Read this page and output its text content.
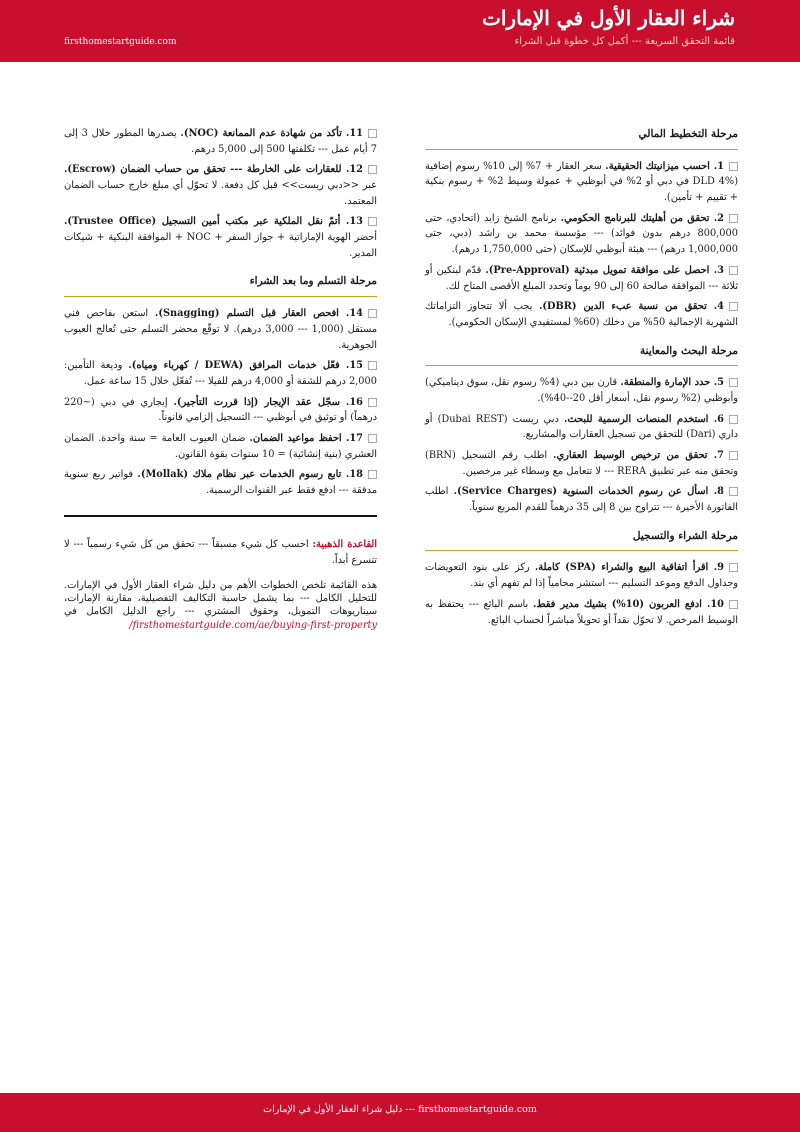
شراء العقار الأول في الإمارات
قائمة التحقق السريعة --- أكمل كل خطوة قبل الشراء
firsthomestartguide.com
مرحلة التخطيط المالي
1. احسب ميزانيتك الحقيقية. سعر العقار + 7% إلى 10% رسوم إضافية (DLD 4% في دبي أو 2% في أبوظبي + عمولة وسيط 2% + رسوم بنكية + تقييم + تأمين).
2. تحقق من أهليتك للبرنامج الحكومي. برنامج الشيخ زايد (اتحادي، حتى 800,000 درهم بدون فوائد) --- مؤسسة محمد بن راشد (دبي، حتى 1,000,000 درهم) --- هيئة أبوظبي للإسكان (حتى 1,750,000 درهم).
3. احصل على موافقة تمويل مبدئية (Pre-Approval). قدّم لبنكين أو ثلاثة --- الموافقة صالحة 60 إلى 90 يوماً وتحدد المبلغ الأقصى المتاح لك.
4. تحقق من نسبة عبء الدين (DBR). يجب ألا تتجاوز التزاماتك الشهرية الإجمالية 50% من دخلك (60% لمستفيدي الإسكان الحكومي).
مرحلة البحث والمعاينة
5. حدد الإمارة والمنطقة. قارن بين دبي (4% رسوم نقل، سوق ديناميكي) وأبوظبي (2% رسوم نقل، أسعار أقل 20--40%).
6. استخدم المنصات الرسمية للبحث. دبي ريست (Dubai REST) أو داري (Dari) للتحقق من تسجيل العقارات والمشاريع.
7. تحقق من ترخيص الوسيط العقاري. اطلب رقم التسجيل (BRN) وتحقق منه عبر تطبيق RERA --- لا تتعامل مع وسطاء غير مرخصين.
8. اسأل عن رسوم الخدمات السنوية (Service Charges). اطلب الفاتورة الأخيرة --- تتراوح بين 8 إلى 35 درهماً للقدم المربع سنوياً.
مرحلة الشراء والتسجيل
9. اقرأ اتفاقية البيع والشراء (SPA) كاملة. ركز على بنود التعويضات وجداول الدفع وموعد التسليم --- استشر محامياً إذا لم تفهم أي بند.
10. ادفع العربون (10%) بشيك مدير فقط. باسم البائع --- يحتفظ به الوسيط المرخص. لا تحوّل نقداً أو تحويلاً مباشراً لحساب البائع.
11. تأكد من شهادة عدم الممانعة (NOC). يصدرها المطور خلال 3 إلى 7 أيام عمل --- تكلفتها 500 إلى 5,000 درهم.
12. للعقارات على الخارطة --- تحقق من حساب الضمان (Escrow). عبر <<دبي ريست>> قبل كل دفعة. لا تحوّل أي مبلغ خارج حساب الضمان المعتمد.
13. أتمّ نقل الملكية عبر مكتب أمين التسجيل (Trustee Office). أحضر الهوية الإماراتية + جواز السفر + NOC + الموافقة البنكية + شيكات المدير.
مرحلة التسلم وما بعد الشراء
14. افحص العقار قبل التسلم (Snagging). استعن بفاحص فني مستقل (1,000 --- 3,000 درهم). لا توقّع محضر التسلم حتى تُعالج العيوب الجوهرية.
15. فعّل خدمات المرافق (DEWA / كهرباء ومياه). وديعة التأمين: 2,000 درهم للشقة أو 4,000 درهم للفيلا --- تُفعّل خلال 15 ساعة عمل.
16. سجّل عقد الإيجار (إذا قررت التأجير). إيجاري في دبي (~220 درهماً) أو توثيق في أبوظبي --- التسجيل إلزامي قانوناً.
17. احفظ مواعيد الضمان. ضمان العيوب العامة = سنة واحدة. الضمان العشري (بنية إنشائية) = 10 سنوات بقوة القانون.
18. تابع رسوم الخدمات عبر نظام ملاك (Mollak). فواتير ربع سنوية مدققة --- ادفع فقط عبر القنوات الرسمية.
القاعدة الذهبية: احسب كل شيء مسبقاً --- تحقق من كل شيء رسمياً --- لا تتسرع أبداً.
هذه القائمة تلخص الخطوات الأهم من دليل شراء العقار الأول في الإمارات. للتحليل الكامل --- بما يشمل حاسبة التكاليف التفصيلية، مقارنة الإمارات، سيناريوهات التمويل، وحقوق المشتري --- راجع الدليل الكامل في firsthomestartguide.com/ae/buying-first-property/
firsthomestartguide.com --- دليل شراء العقار الأول في الإمارات
